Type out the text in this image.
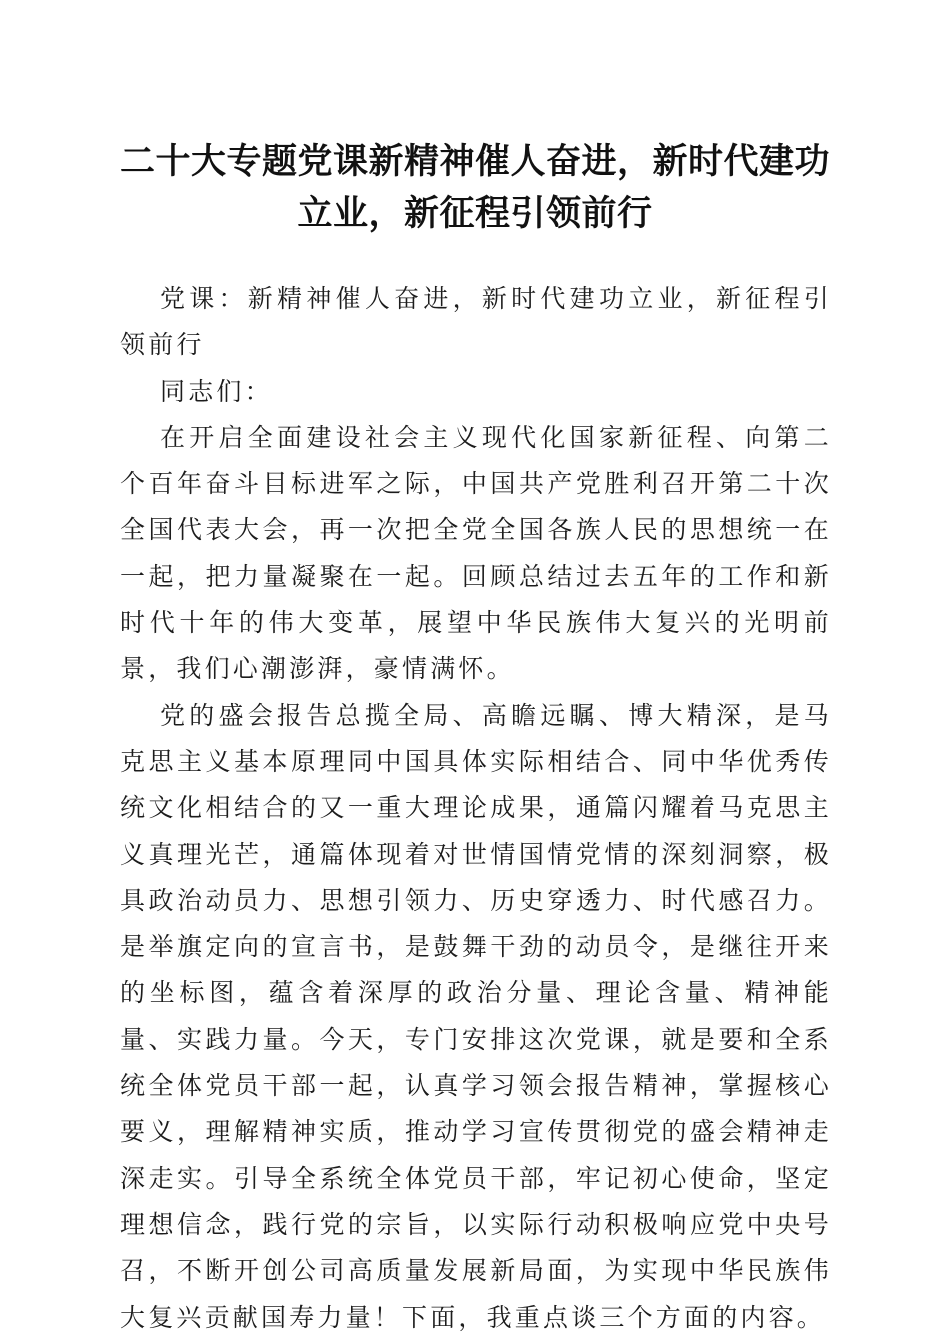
二十大专题党课新精神催人奋进，新时代建功
立业，新征程引领前行

党课：新精神催人奋进，新时代建功立业，新征程引领前行

同志们：

在开启全面建设社会主义现代化国家新征程、向第二个百年奋斗目标进军之际，中国共产党胜利召开第二十次全国代表大会，再一次把全党全国各族人民的思想统一在一起，把力量凝聚在一起。回顾总结过去五年的工作和新时代十年的伟大变革，展望中华民族伟大复兴的光明前景，我们心潮澎湃，豪情满怀。

党的盛会报告总揽全局、高瞻远瞩、博大精深，是马克思主义基本原理同中国具体实际相结合、同中华优秀传统文化相结合的又一重大理论成果，通篇闪耀着马克思主义真理光芒，通篇体现着对世情国情党情的深刻洞察，极具政治动员力、思想引领力、历史穿透力、时代感召力。是举旗定向的宣言书，是鼓舞干劲的动员令，是继往开来的坐标图，蕴含着深厚的政治分量、理论含量、精神能量、实践力量。今天，专门安排这次党课，就是要和全系统全体党员干部一起，认真学习领会报告精神，掌握核心要义，理解精神实质，推动学习宣传贯彻党的盛会精神走深走实。引导全系统全体党员干部，牢记初心使命，坚定理想信念，践行党的宗旨，以实际行动积极响应党中央号召，不断开创公司高质量发展新局面，为实现中华民族伟大复兴贡献国寿力量！下面，我重点谈三个方面的内容。
